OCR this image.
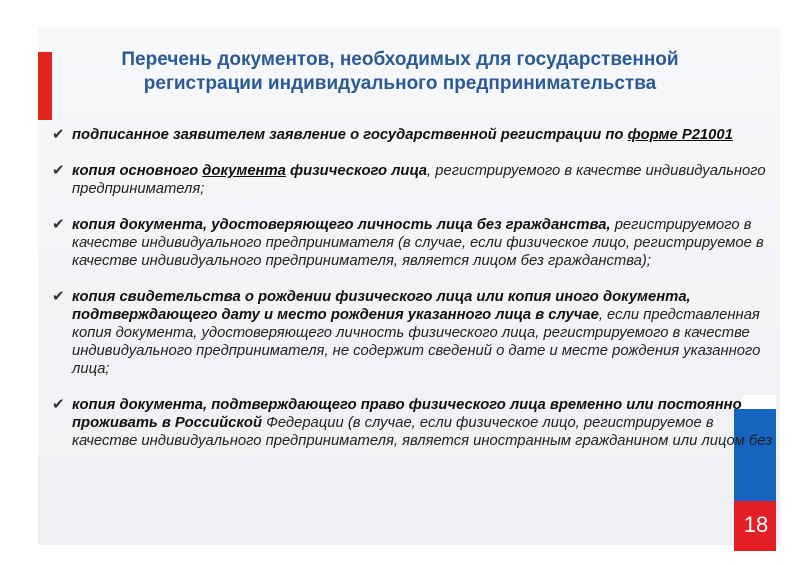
18
Перечень документов, необходимых для государственной регистрации индивидуального предпринимательства
✔ подписанное заявителем заявление о государственной регистрации по форме Р21001
✔ копия основного документа физического лица, регистрируемого в качестве индивидуального предпринимателя;
✔ копия документа, удостоверяющего личность лица без гражданства, регистрируемого в качестве индивидуального предпринимателя (в случае, если физическое лицо, регистрируемое в качестве индивидуального предпринимателя, является лицом без гражданства);
✔ копия свидетельства о рождении физического лица или копия иного документа, подтверждающего дату и место рождения указанного лица в случае, если представленная копия документа, удостоверяющего личность физического лица, регистрируемого в качестве индивидуального предпринимателя, не содержит сведений о дате и месте рождения указанного лица;
✔ копия документа, подтверждающего право физического лица временно или постоянно проживать в Российской Федерации (в случае, если физическое лицо, регистрируемое в качестве индивидуального предпринимателя, является иностранным гражданином или лицом без
